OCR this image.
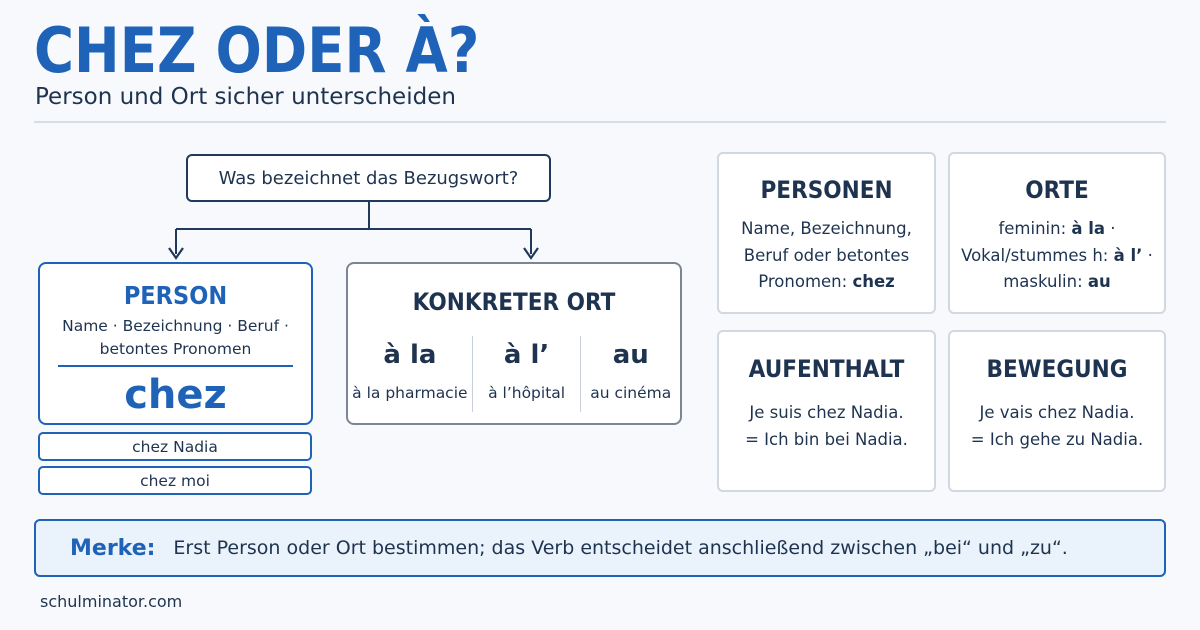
CHEZ ODER À?
Person und Ort sicher unterscheiden
Was bezeichnet das Bezugswort?
PERSON
Name · Bezeichnung · Beruf ·
betontes Pronomen
chez
chez Nadia
chez moi
KONKRETER ORT
à la
à la pharmacie
à l’
à l’hôpital
au
au cinéma
PERSONEN
Name, Bezeichnung,
Beruf oder betontes
Pronomen: chez
ORTE
feminin: à la ·
Vokal/stummes h: à l’ ·
maskulin: au
AUFENTHALT
Je suis chez Nadia.
= Ich bin bei Nadia.
BEWEGUNG
Je vais chez Nadia.
= Ich gehe zu Nadia.
Merke: Erst Person oder Ort bestimmen; das Verb entscheidet anschließend zwischen „bei“ und „zu“.
schulminator.com
